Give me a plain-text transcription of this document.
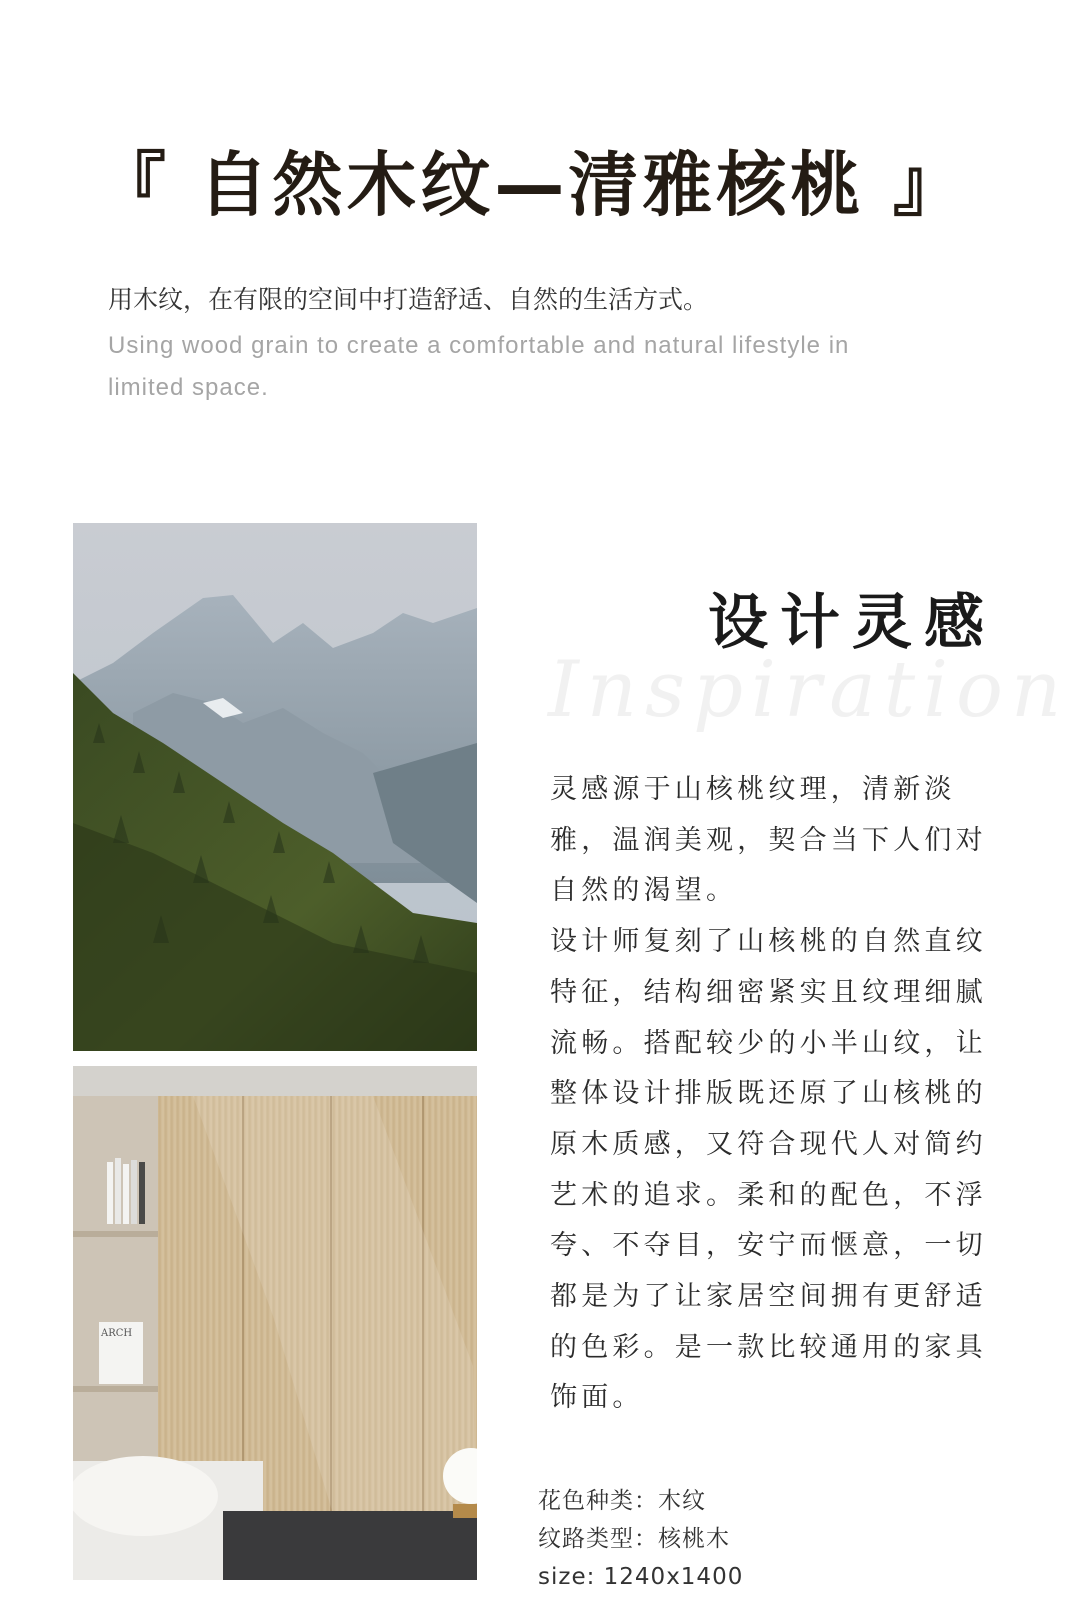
『 自然木纹—清雅核桃 』
用木纹，在有限的空间中打造舒适、自然的生活方式。
Using wood grain to create a comfortable and natural lifestyle in limited space.
ARCH
设计灵感
Inspiration

灵感源于山核桃纹理，清新淡雅，温润美观，契合当下人们对自然的渴望。

设计师复刻了山核桃的自然直纹特征，结构细密紧实且纹理细腻流畅。搭配较少的小半山纹，让整体设计排版既还原了山核桃的原木质感，又符合现代人对简约艺术的追求。柔和的配色，不浮夸、不夺目，安宁而惬意，一切都是为了让家居空间拥有更舒适的色彩。是一款比较通用的家具饰面。

花色种类：木纹
纹路类型：核桃木
size: 1240x1400
